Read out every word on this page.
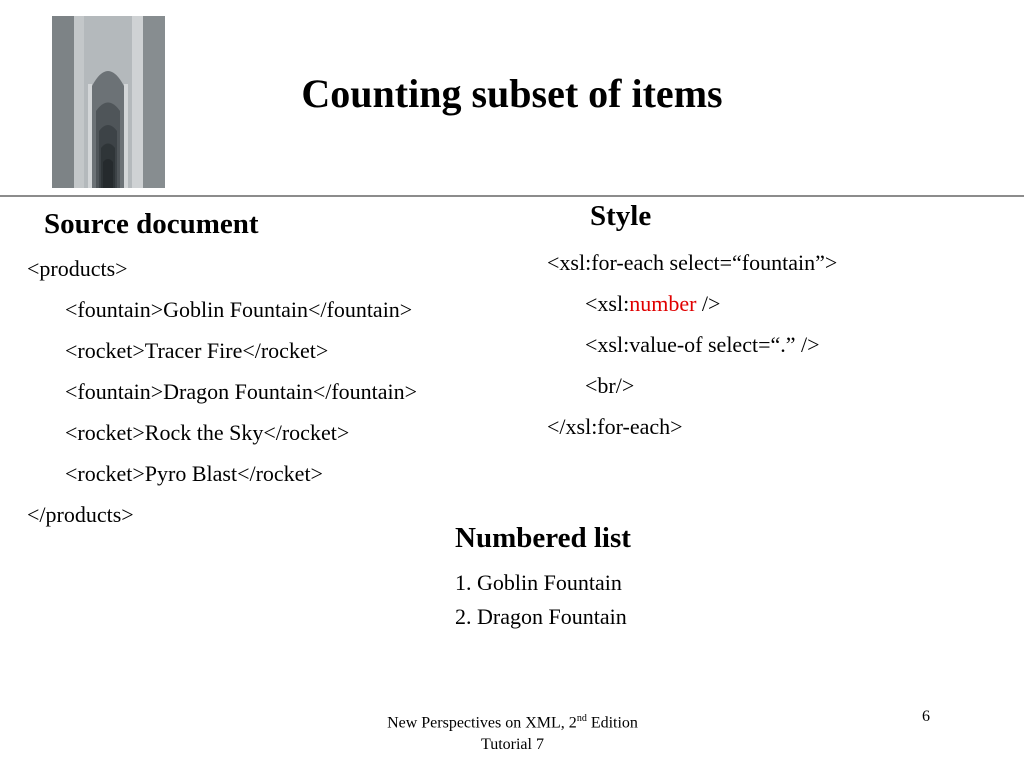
Counting subset of items
Source document
<products>
<fountain>Goblin Fountain</fountain>
<rocket>Tracer Fire</rocket>
<fountain>Dragon Fountain</fountain>
<rocket>Rock the Sky</rocket>
<rocket>Pyro Blast</rocket>
</products>
Style
<xsl:for-each select=“fountain”>
<xsl:number />
<xsl:value-of select=“.” />
<br/>
</xsl:for-each>
Numbered list
1. Goblin Fountain
2. Dragon Fountain
New Perspectives on XML, 2nd Edition
Tutorial 7
6
